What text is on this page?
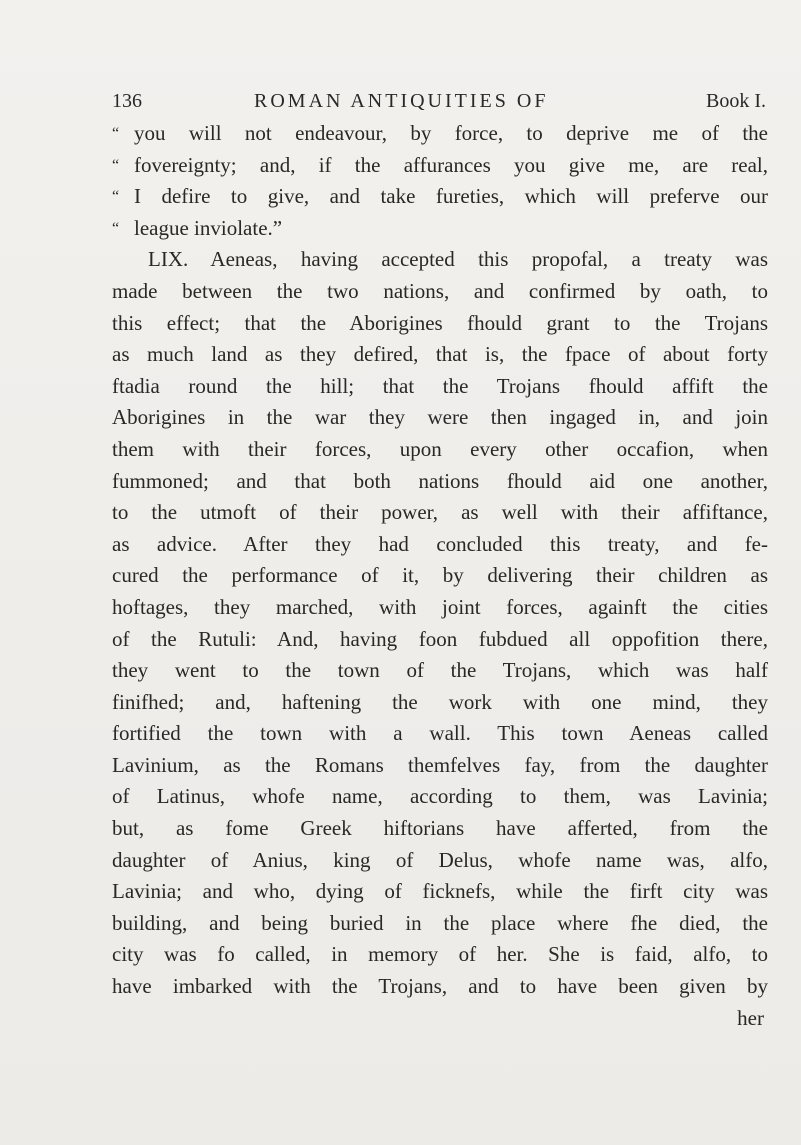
136	ROMAN ANTIQUITIES OF	Book I.
“ you will not endeavour, by force, to deprive me of the
“ fovereignty; and, if the affurances you give me, are real,
“ I defire to give, and take fureties, which will preferve our
“ league inviolate.”
LIX. Aeneas, having accepted this propofal, a treaty was
made between the two nations, and confirmed by oath, to
this effect; that the Aborigines fhould grant to the Trojans
as much land as they defired, that is, the fpace of about forty
ftadia round the hill; that the Trojans fhould affift the
Aborigines in the war they were then ingaged in, and join
them with their forces, upon every other occafion, when
fummoned; and that both nations fhould aid one another,
to the utmoft of their power, as well with their affiftance,
as advice. After they had concluded this treaty, and fe-
cured the performance of it, by delivering their children as
hoftages, they marched, with joint forces, againft the cities
of the Rutuli: And, having foon fubdued all oppofition there,
they went to the town of the Trojans, which was half
finifhed; and, haftening the work with one mind, they
fortified the town with a wall. This town Aeneas called
Lavinium, as the Romans themfelves fay, from the daughter
of Latinus, whofe name, according to them, was Lavinia;
but, as fome Greek hiftorians have afferted, from the
daughter of Anius, king of Delus, whofe name was, alfo,
Lavinia; and who, dying of ficknefs, while the firft city was
building, and being buried in the place where fhe died, the
city was fo called, in memory of her. She is faid, alfo, to
have imbarked with the Trojans, and to have been given by
her
